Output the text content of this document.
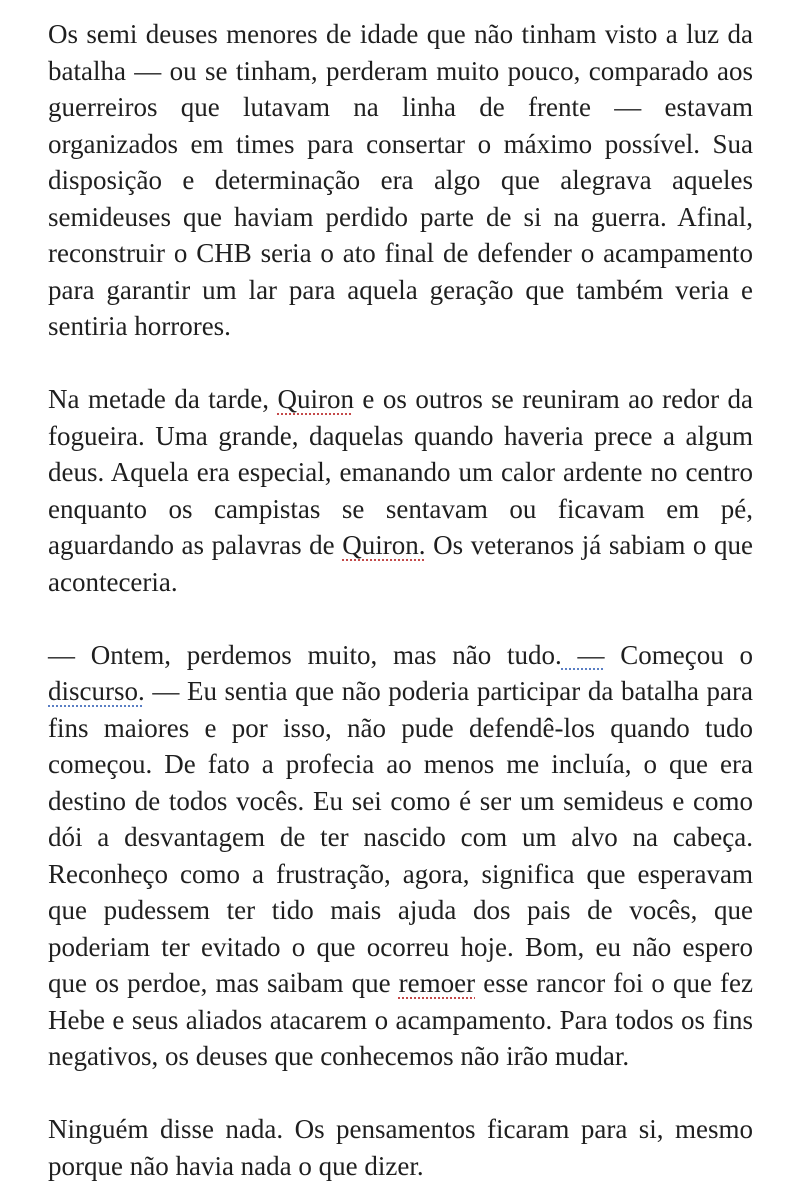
Os semi deuses menores de idade que não tinham visto a luz da batalha — ou se tinham, perderam muito pouco, comparado aos guerreiros que lutavam na linha de frente — estavam organizados em times para consertar o máximo possível. Sua disposição e determinação era algo que alegrava aqueles semideuses que haviam perdido parte de si na guerra. Afinal, reconstruir o CHB seria o ato final de defender o acampamento para garantir um lar para aquela geração que também veria e sentiria horrores.

Na metade da tarde, Quiron e os outros se reuniram ao redor da fogueira. Uma grande, daquelas quando haveria prece a algum deus. Aquela era especial, emanando um calor ardente no centro enquanto os campistas se sentavam ou ficavam em pé, aguardando as palavras de Quiron. Os veteranos já sabiam o que aconteceria.

— Ontem, perdemos muito, mas não tudo. — Começou o discurso. — Eu sentia que não poderia participar da batalha para fins maiores e por isso, não pude defendê-los quando tudo começou. De fato a profecia ao menos me incluía, o que era destino de todos vocês. Eu sei como é ser um semideus e como dói a desvantagem de ter nascido com um alvo na cabeça. Reconheço como a frustração, agora, significa que esperavam que pudessem ter tido mais ajuda dos pais de vocês, que poderiam ter evitado o que ocorreu hoje. Bom, eu não espero que os perdoe, mas saibam que remoer esse rancor foi o que fez Hebe e seus aliados atacarem o acampamento. Para todos os fins negativos, os deuses que conhecemos não irão mudar.

Ninguém disse nada. Os pensamentos ficaram para si, mesmo porque não havia nada o que dizer.
